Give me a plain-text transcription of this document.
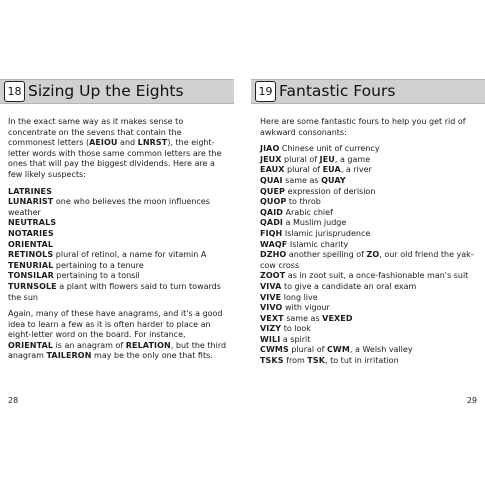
18 Sizing Up the Eights

In the exact same way as it makes sense to concentrate on the sevens that contain the commonest letters (AEIOU and LNRST), the eight-letter words with those same common letters are the ones that will pay the biggest dividends. Here are a few likely suspects:

LATRINES
LUNARIST one who believes the moon influences weather
NEUTRALS
NOTARIES
ORIENTAL
RETINOLS plural of retinol, a name for vitamin A
TENURIAL pertaining to a tenure
TONSILAR pertaining to a tonsil
TURNSOLE a plant with flowers said to turn towards the sun

Again, many of these have anagrams, and it's a good idea to learn a few as it is often harder to place an eight-letter word on the board. For instance, ORIENTAL is an anagram of RELATION, but the third anagram TAILERON may be the only one that fits.

28
19 Fantastic Fours

Here are some fantastic fours to help you get rid of awkward consonants:

JIAO Chinese unit of currency
JEUX plural of JEU, a game
EAUX plural of EUA, a river
QUAI same as QUAY
QUEP expression of derision
QUOP to throb
QAID Arabic chief
QADI a Muslim judge
FIQH Islamic jurisprudence
WAQF Islamic charity
DZHO another spelling of ZO, our old friend the yak-cow cross
ZOOT as in zoot suit, a once-fashionable man's suit
VIVA to give a candidate an oral exam
VIVE long live
VIVO with vigour
VEXT same as VEXED
VIZY to look
WILI a spirit
CWMS plural of CWM, a Welsh valley
TSKS from TSK, to tut in irritation
29
